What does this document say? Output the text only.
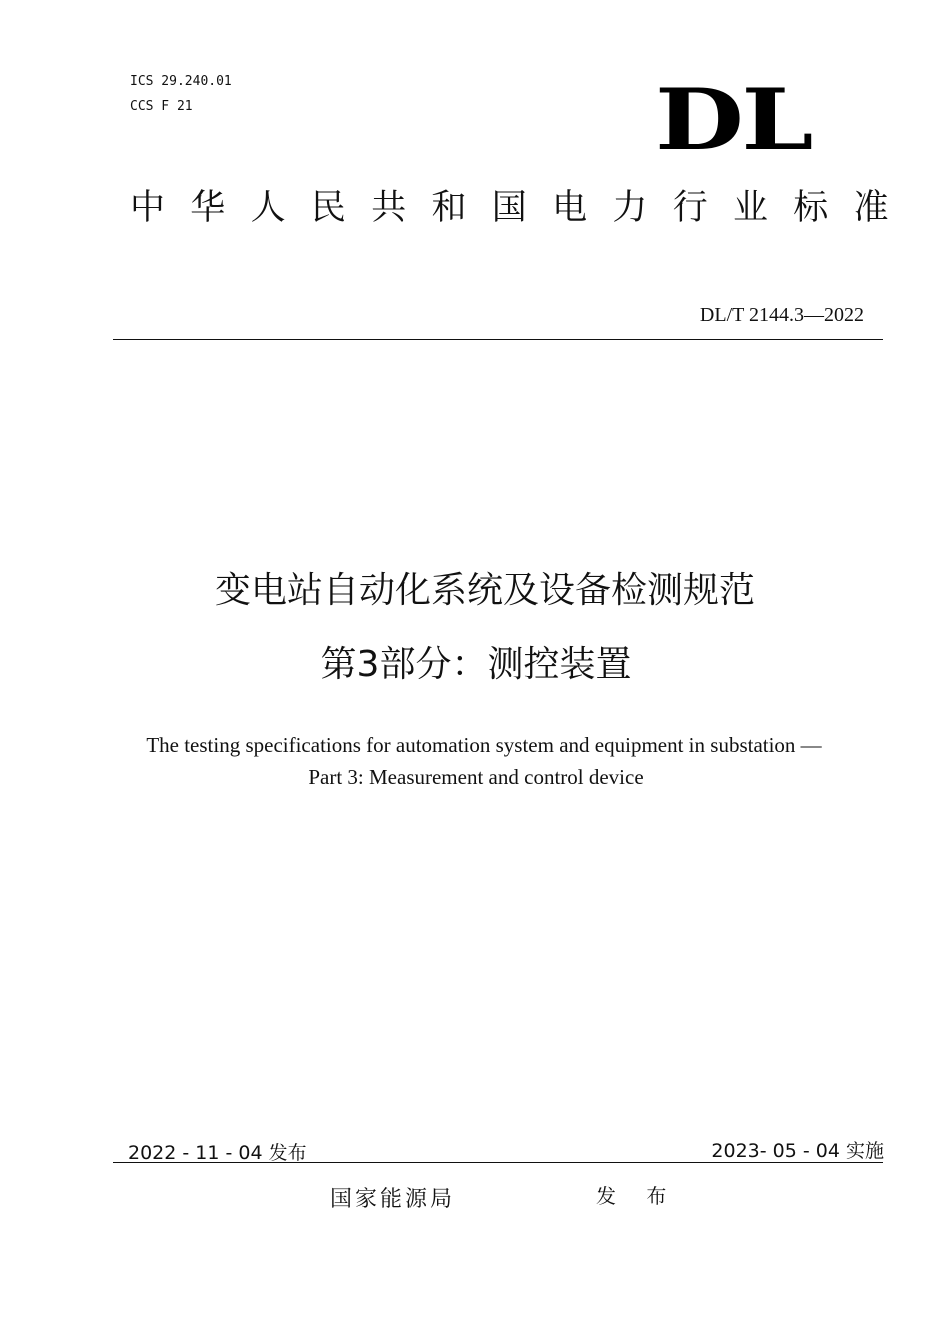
ICS 29.240.01
CCS F 21	DL
中华人民共和国电力行业标准
DL/T 2144.3—2022
变电站自动化系统及设备检测规范
第3部分：测控装置
The testing specifications for automation system and equipment in substation —
Part 3: Measurement and control device
2022 - 11 - 04 发布	2023- 05 - 04 实施
国家能源局	发 布
